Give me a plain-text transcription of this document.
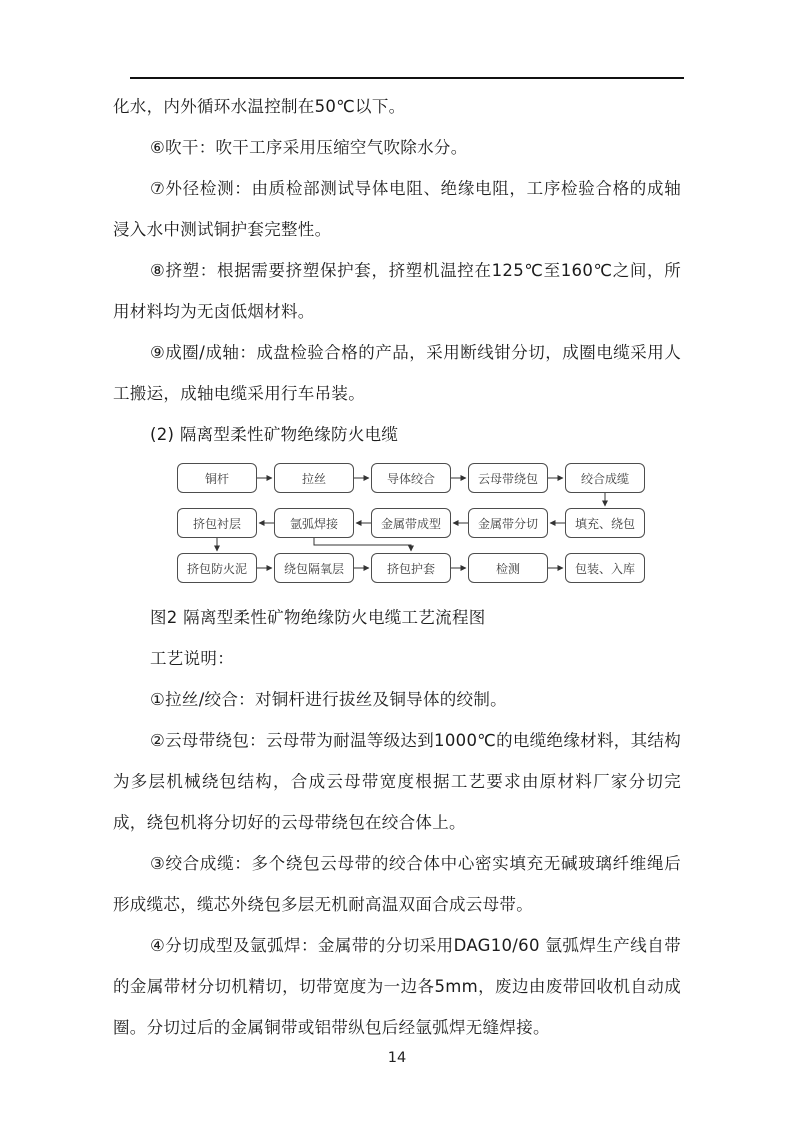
化水，内外循环水温控制在50℃以下。

⑥吹干：吹干工序采用压缩空气吹除水分。

⑦外径检测：由质检部测试导体电阻、绝缘电阻，工序检验合格的成轴浸入水中测试铜护套完整性。

⑧挤塑：根据需要挤塑保护套，挤塑机温控在125℃至160℃之间，所用材料均为无卤低烟材料。

⑨成圈/成轴：成盘检验合格的产品，采用断线钳分切，成圈电缆采用人工搬运，成轴电缆采用行车吊装。

(2) 隔离型柔性矿物绝缘防火电缆

铜杆	拉丝	导体绞合	云母带绕包	绞合成缆
挤包衬层	氩弧焊接	金属带成型	金属带分切	填充、绕包
挤包防火泥	绕包隔氧层	挤包护套	检测	包装、入库

图2 隔离型柔性矿物绝缘防火电缆工艺流程图

工艺说明：

①拉丝/绞合：对铜杆进行拔丝及铜导体的绞制。

②云母带绕包：云母带为耐温等级达到1000℃的电缆绝缘材料，其结构为多层机械绕包结构，合成云母带宽度根据工艺要求由原材料厂家分切完成，绕包机将分切好的云母带绕包在绞合体上。

③绞合成缆：多个绕包云母带的绞合体中心密实填充无碱玻璃纤维绳后形成缆芯，缆芯外绕包多层无机耐高温双面合成云母带。

④分切成型及氩弧焊：金属带的分切采用DAG10/60 氩弧焊生产线自带的金属带材分切机精切，切带宽度为一边各5mm，废边由废带回收机自动成圈。分切过后的金属铜带或铝带纵包后经氩弧焊无缝焊接。

14
